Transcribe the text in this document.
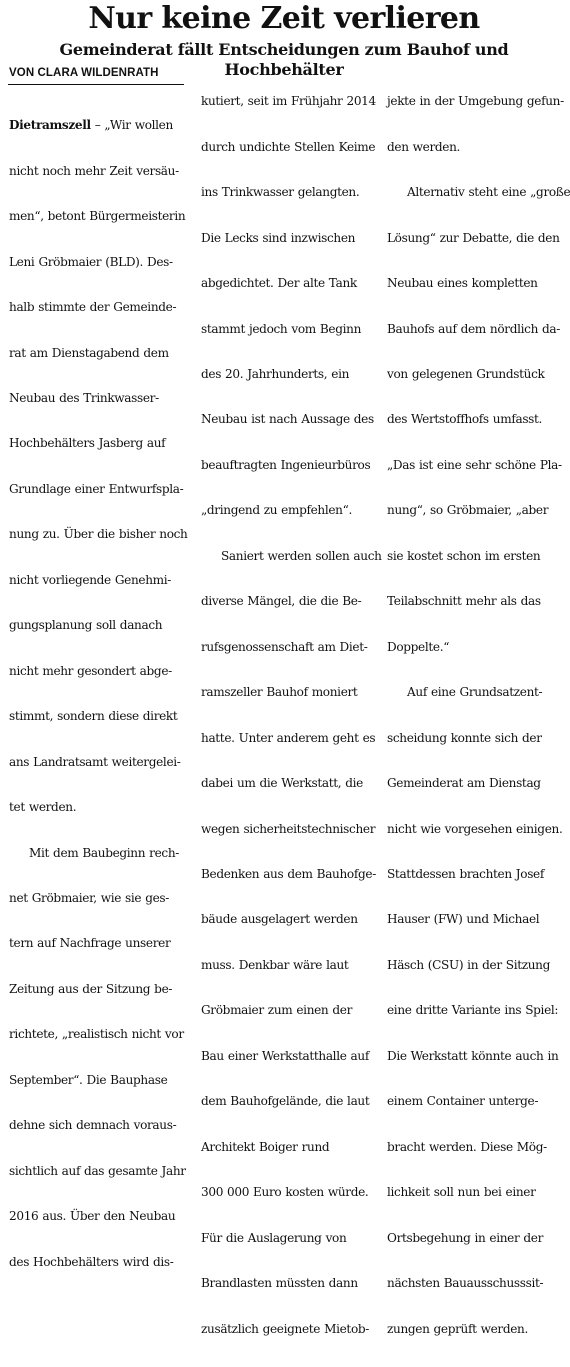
Nur keine Zeit verlieren
Gemeinderat fällt Entscheidungen zum Bauhof und Hochbehälter
VON CLARA WILDENRATH

Dietramszell – „Wir wollen

nicht noch mehr Zeit versäu-

men“, betont Bürgermeisterin

Leni Gröbmaier (BLD). Des-

halb stimmte der Gemeinde-

rat am Dienstagabend dem

Neubau des Trinkwasser-

Hochbehälters Jasberg auf

Grundlage einer Entwurfspla-

nung zu. Über die bisher noch

nicht vorliegende Genehmi-

gungsplanung soll danach

nicht mehr gesondert abge-

stimmt, sondern diese direkt

ans Landratsamt weitergelei-

tet werden.

Mit dem Baubeginn rech-

net Gröbmaier, wie sie ges-

tern auf Nachfrage unserer

Zeitung aus der Sitzung be-

richtete, „realistisch nicht vor

September“. Die Bauphase

dehne sich demnach voraus-

sichtlich auf das gesamte Jahr

2016 aus. Über den Neubau

des Hochbehälters wird dis-

kutiert, seit im Frühjahr 2014

durch undichte Stellen Keime

ins Trinkwasser gelangten.

Die Lecks sind inzwischen

abgedichtet. Der alte Tank

stammt jedoch vom Beginn

des 20. Jahrhunderts, ein

Neubau ist nach Aussage des

beauftragten Ingenieurbüros

„dringend zu empfehlen“.

Saniert werden sollen auch

diverse Mängel, die die Be-

rufsgenossenschaft am Diet-

ramszeller Bauhof moniert

hatte. Unter anderem geht es

dabei um die Werkstatt, die

wegen sicherheitstechnischer

Bedenken aus dem Bauhofge-

bäude ausgelagert werden

muss. Denkbar wäre laut

Gröbmaier zum einen der

Bau einer Werkstatthalle auf

dem Bauhofgelände, die laut

Architekt Boiger rund

300 000 Euro kosten würde.

Für die Auslagerung von

Brandlasten müssten dann

zusätzlich geeignete Mietob-

jekte in der Umgebung gefun-

den werden.

Alternativ steht eine „große

Lösung“ zur Debatte, die den

Neubau eines kompletten

Bauhofs auf dem nördlich da-

von gelegenen Grundstück

des Wertstoffhofs umfasst.

„Das ist eine sehr schöne Pla-

nung“, so Gröbmaier, „aber

sie kostet schon im ersten

Teilabschnitt mehr als das

Doppelte.“

Auf eine Grundsatzent-

scheidung konnte sich der

Gemeinderat am Dienstag

nicht wie vorgesehen einigen.

Stattdessen brachten Josef

Hauser (FW) und Michael

Häsch (CSU) in der Sitzung

eine dritte Variante ins Spiel:

Die Werkstatt könnte auch in

einem Container unterge-

bracht werden. Diese Mög-

lichkeit soll nun bei einer

Ortsbegehung in einer der

nächsten Bauausschusssit-

zungen geprüft werden.
